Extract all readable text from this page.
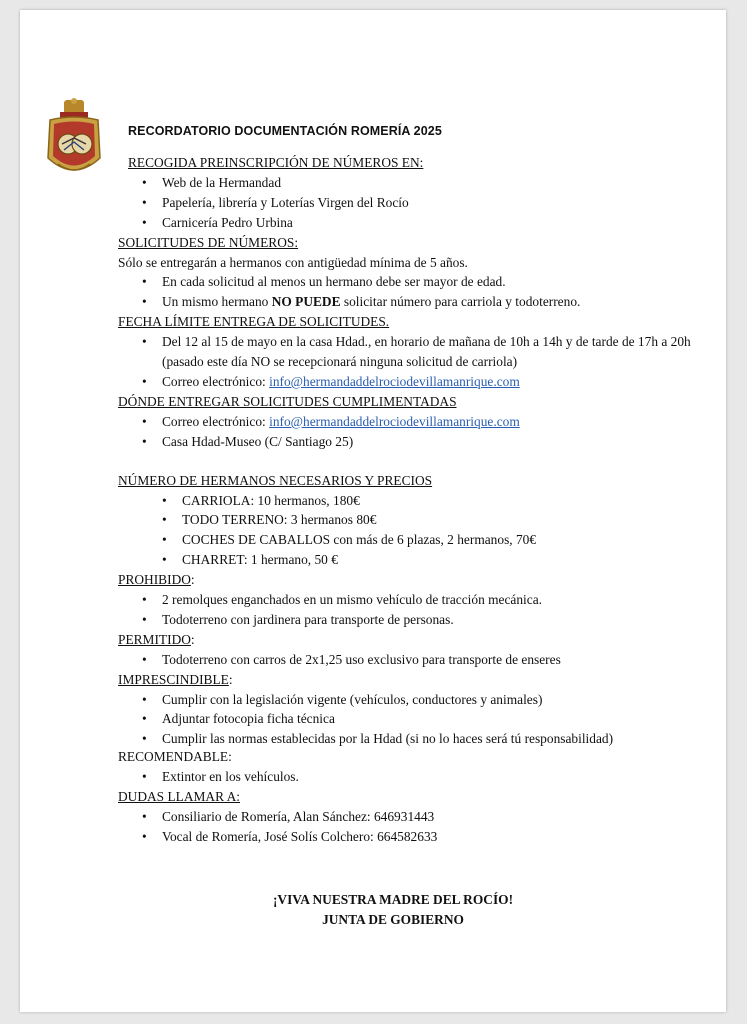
RECORDATORIO DOCUMENTACIÓN ROMERÍA 2025

RECOGIDA PREINSCRIPCIÓN DE NÚMEROS EN:

• Web de la Hermandad
• Papelería, librería y Loterías Virgen del Rocío
• Carnicería Pedro Urbina

SOLICITUDES DE NÚMEROS:

Sólo se entregarán a hermanos con antigüedad mínima de 5 años.

• En cada solicitud al menos un hermano debe ser mayor de edad.
• Un mismo hermano NO PUEDE solicitar número para carriola y todoterreno.

FECHA LÍMITE ENTREGA DE SOLICITUDES.

• Del 12 al 15 de mayo en la casa Hdad., en horario de mañana de 10h a 14h y de tarde de 17h a 20h (pasado este día NO se recepcionará ninguna solicitud de carriola)
• Correo electrónico: info@hermandaddelrociodevillamanrique.com

DÓNDE ENTREGAR SOLICITUDES CUMPLIMENTADAS

• Correo electrónico: info@hermandaddelrociodevillamanrique.com
• Casa Hdad-Museo (C/ Santiago 25)

NÚMERO DE HERMANOS NECESARIOS Y PRECIOS

• CARRIOLA: 10 hermanos, 180€
• TODO TERRENO: 3 hermanos 80€
• COCHES DE CABALLOS con más de 6 plazas, 2 hermanos, 70€
• CHARRET: 1 hermano, 50 €

PROHIBIDO:

• 2 remolques enganchados en un mismo vehículo de tracción mecánica.
• Todoterreno con jardinera para transporte de personas.

PERMITIDO:

• Todoterreno con carros de 2x1,25 uso exclusivo para transporte de enseres

IMPRESCINDIBLE:

• Cumplir con la legislación vigente (vehículos, conductores y animales)
• Adjuntar fotocopia ficha técnica
• Cumplir las normas establecidas por la Hdad (si no lo haces será tú responsabilidad)

RECOMENDABLE:

• Extintor en los vehículos.

DUDAS LLAMAR A:

• Consiliario de Romería, Alan Sánchez: 646931443
• Vocal de Romería, José Solís Colchero: 664582633
¡VIVA NUESTRA MADRE DEL ROCÍO!
JUNTA DE GOBIERNO
